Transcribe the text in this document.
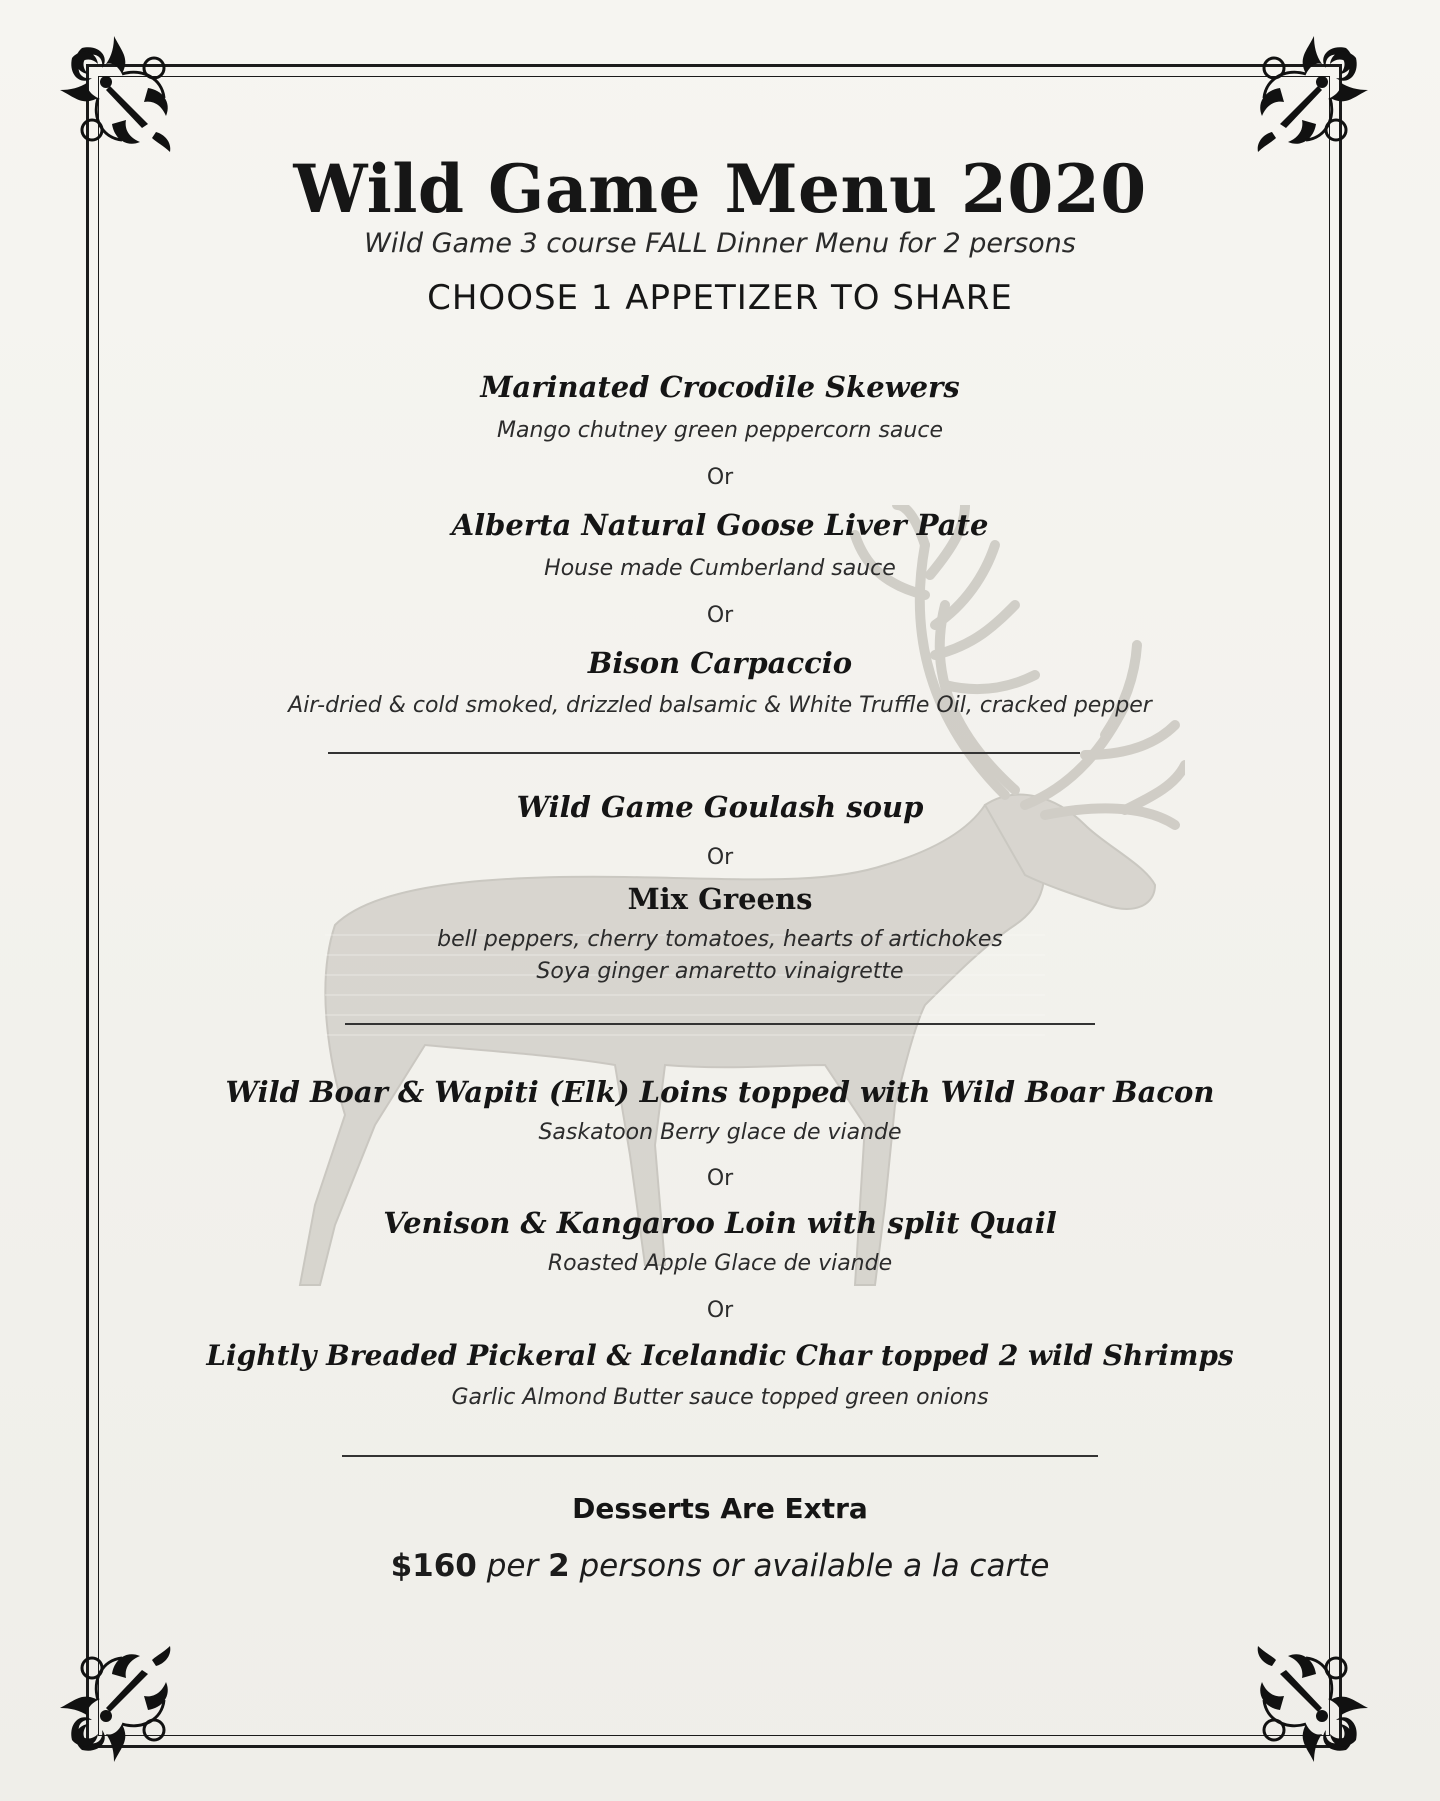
Wild Game Menu 2020
Wild Game 3 course FALL Dinner Menu for 2 persons
CHOOSE 1 APPETIZER TO SHARE
Marinated Crocodile Skewers
Mango chutney green peppercorn sauce
Or
Alberta Natural Goose Liver Pate
House made Cumberland sauce
Or
Bison Carpaccio
Air-dried & cold smoked, drizzled balsamic & White Truffle Oil, cracked pepper
Wild Game Goulash soup
Or
Mix Greens
bell peppers, cherry tomatoes, hearts of artichokes
Soya ginger amaretto vinaigrette
Wild Boar & Wapiti (Elk) Loins topped with Wild Boar Bacon
Saskatoon Berry glace de viande
Or
Venison & Kangaroo Loin with split Quail
Roasted Apple Glace de viande
Or
Lightly Breaded Pickeral & Icelandic Char topped 2 wild Shrimps
Garlic Almond Butter sauce topped green onions
Desserts Are Extra
$160 per 2 persons or available a la carte
